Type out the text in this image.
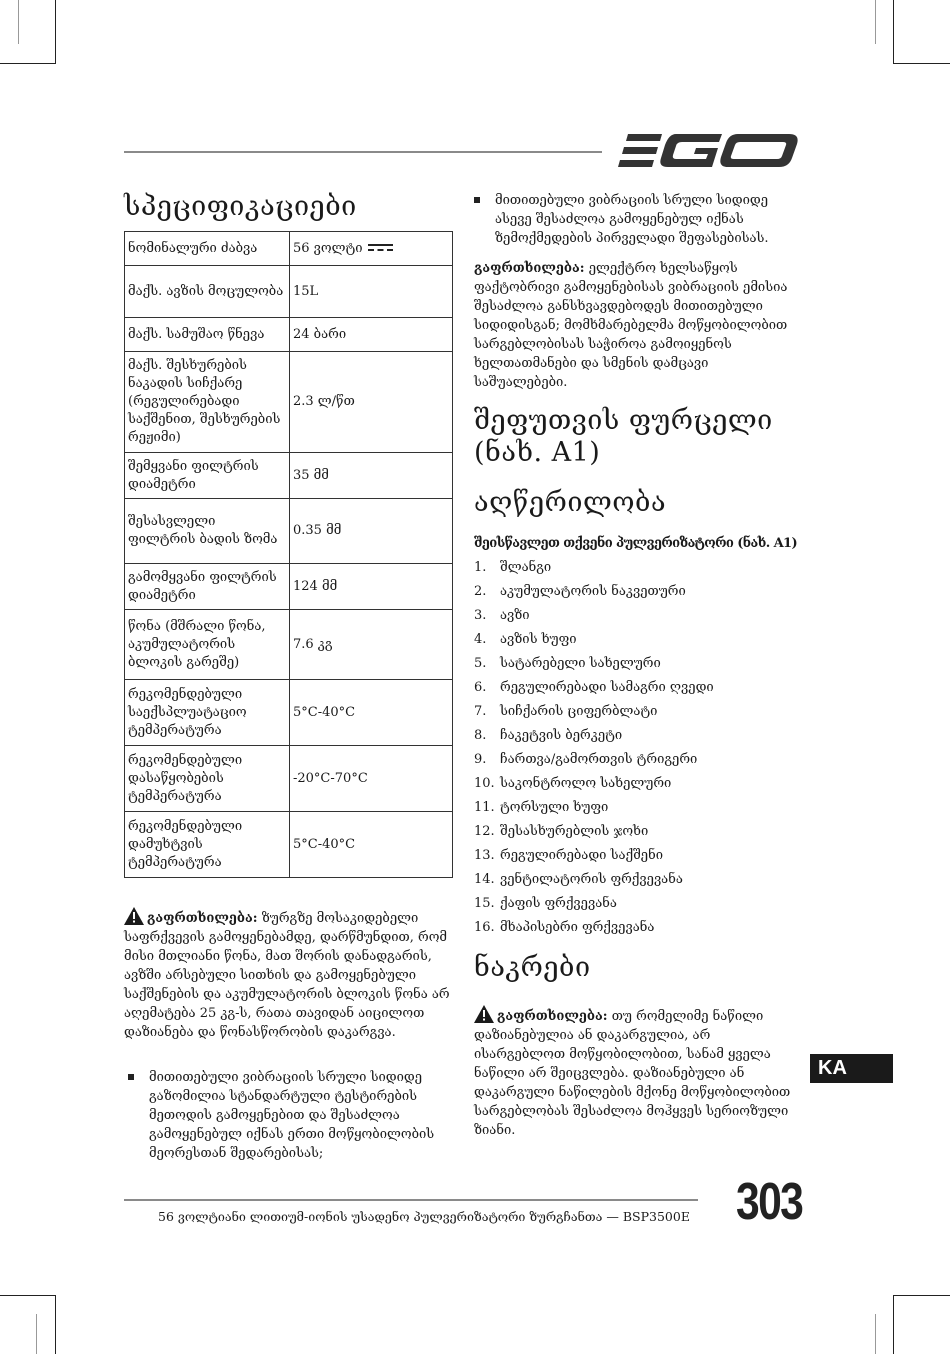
სპეციფიკაციები
ნომინალური ძაბვა	56 ვოლტი
მაქს. ავზის მოცულობა	15L
მაქს. სამუშაო წნევა	24 ბარი
მაქს. შესხურების ნაკადის სიჩქარე (რეგულირებადი საქშენით, შესხურების რეჟიმი)	2.3 ლ/წთ
შემყვანი ფილტრის დიამეტრი	35 მმ
შესასვლელი ფილტრის ბადის ზომა	0.35 მმ
გამომყვანი ფილტრის დიამეტრი	124 მმ
წონა (მშრალი წონა, აკუმულატორის ბლოკის გარეშე)	7.6 კგ
რეკომენდებული საექსპლუატაციო ტემპერატურა	5°C-40°C
რეკომენდებული დასაწყობების ტემპერატურა	-20°C-70°C
რეკომენდებული დამუხტვის ტემპერატურა	5°C-40°C

გაფრთხილება: ზურგზე მოსაკიდებელი საფრქვევის გამოყენებამდე, დარწმუნდით, რომ მისი მთლიანი წონა, მათ შორის დანადგარის, ავზში არსებული სითხის და გამოყენებული საქშენების და აკუმულატორის ბლოკის წონა არ აღემატება 25 კგ-ს, რათა თავიდან აიცილოთ დაზიანება და წონასწორობის დაკარგვა.

მითითებული ვიბრაციის სრული სიდიდე გაზომილია სტანდარტული ტესტირების მეთოდის გამოყენებით და შესაძლოა გამოყენებულ იქნას ერთი მოწყობილობის მეორესთან შედარებისას;
მითითებული ვიბრაციის სრული სიდიდე ასევე შესაძლოა გამოყენებულ იქნას ზემოქმედების პირველადი შეფასებისას.

გაფრთხილება: ელექტრო ხელსაწყოს ფაქტობრივი გამოყენებისას ვიბრაციის ემისია შესაძლოა განსხვავდებოდეს მითითებული სიდიდისგან; მომხმარებელმა მოწყობილობით სარგებლობისას საჭიროა გამოიყენოს ხელთათმანები და სმენის დამცავი საშუალებები.

შეფუთვის ფურცელი (ნახ. A1)
აღწერილობა

შეისწავლეთ თქვენი პულვერიზატორი (ნახ. A1)

1. შლანგი
2. აკუმულატორის ნაკვეთური
3. ავზი
4. ავზის ხუფი
5. სატარებელი სახელური
6. რეგულირებადი სამაგრი ღვედი
7. სიჩქარის ციფერბლატი
8. ჩაკეტვის ბერკეტი
9. ჩართვა/გამორთვის ტრიგერი
10. საკონტროლო სახელური
11. ტორსული ხუფი
12. შესასხურებლის ჯოხი
13. რეგულირებადი საქშენი
14. ვენტილატორის ფრქვევანა
15. ქაფის ფრქვევანა
16. მხაპისებრი ფრქვევანა
ნაკრები

გაფრთხილება: თუ რომელიმე ნაწილი დაზიანებულია ან დაკარგულია, არ ისარგებლოთ მოწყობილობით, სანამ ყველა ნაწილი არ შეიცვლება. დაზიანებული ან დაკარგული ნაწილების მქონე მოწყობილობით სარგებლობას შესაძლოა მოჰყვეს სერიოზული ზიანი.

KA
303
56 ვოლტიანი ლითიუმ-იონის უსადენო პულვერიზატორი ზურგჩანთა — BSP3500E
